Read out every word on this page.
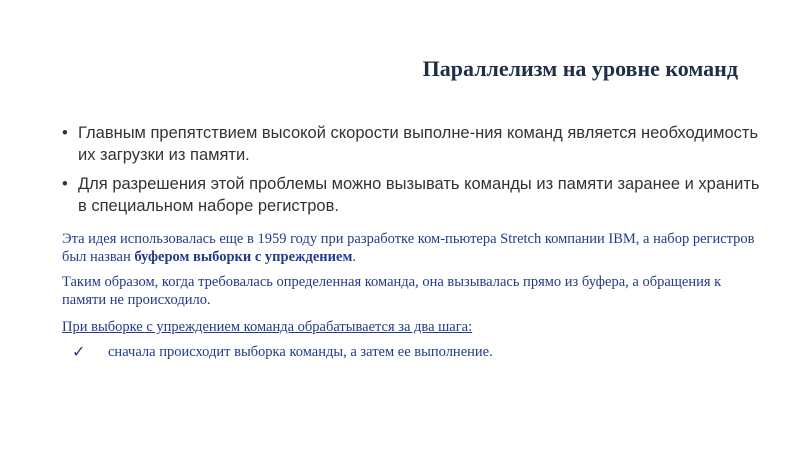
Параллелизм на уровне команд
• Главным препятствием высокой скорости выполне-ния команд является необходимость их загрузки из памяти.
• Для разрешения этой проблемы можно вызывать команды из памяти заранее и хранить в специальном наборе регистров.

Эта идея использовалась еще в 1959 году при разработке ком-пьютера Stretch компании IBM, а набор регистров был назван буфером выборки с упреждением.

Таким образом, когда требовалась определенная команда, она вызывалась прямо из буфера, а обращения к памяти не происходило.

При выборке с упреждением команда обрабатывается за два шага:

✓ сначала происходит выборка команды, а затем ее выполнение.
